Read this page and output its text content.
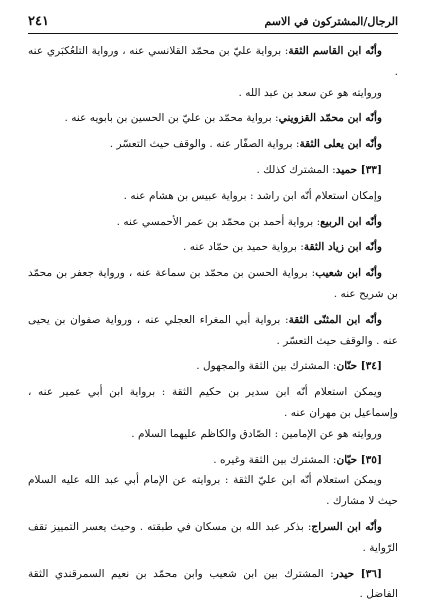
الرجال/المشتركون في الاسم
٢٤١

وأنّه ابن القاسم الثقة: برواية عليّ بن محمّد القلانسي عنه ، ورواية التلعُكبَري عنه .

وروايته هو عن سعد بن عبد الله .

وأنّه ابن محمّد القزويني: برواية محمّد بن عليّ بن الحسين بن بابويه عنه .

وأنّه ابن يعلى الثقة: برواية الصفّار عنه . والوقف حيث التعسّر .

[٣٣] حميد: المشترك كذلك .

وإمكان استعلام أنّه ابن راشد : برواية عبيس بن هشام عنه .

وأنّه ابن الربيع: برواية أحمد بن محمّد بن عمر الأحمسي عنه .

وأنّه ابن زياد الثقة: برواية حميد بن حمّاد عنه .

وأنّه ابن شعيب: برواية الحسن بن محمّد بن سماعة عنه ، ورواية جعفر بن محمّد بن شريح عنه .

وأنّه ابن المثنّى الثقة: برواية أبي المغراء العجلي عنه ، ورواية صفوان بن يحيى عنه . والوقف حيث التعسّر .

[٣٤] حنّان: المشترك بين الثقة والمجهول .

ويمكن استعلام أنّه ابن سدير بن حكيم الثقة : برواية ابن أبي عمير عنه ، وإسماعيل بن مهران عنه .

وروايته هو عن الإمامين : الصّادق والكاظم عليهما السلام .

[٣٥] حيّان: المشترك بين الثقة وغيره .

ويمكن استعلام أنّه ابن عليّ الثقة : بروايته عن الإمام أبي عبد الله عليه السلام حيث لا مشارك .

وأنّه ابن السراج: بذكر عبد الله بن مسكان في طبقته . وحيث يعسر التمييز تقف الرّواية .

[٣٦] حيدر: المشترك بين ابن شعيب وابن محمّد بن نعيم السمرقندي الثقة الفاضل .
